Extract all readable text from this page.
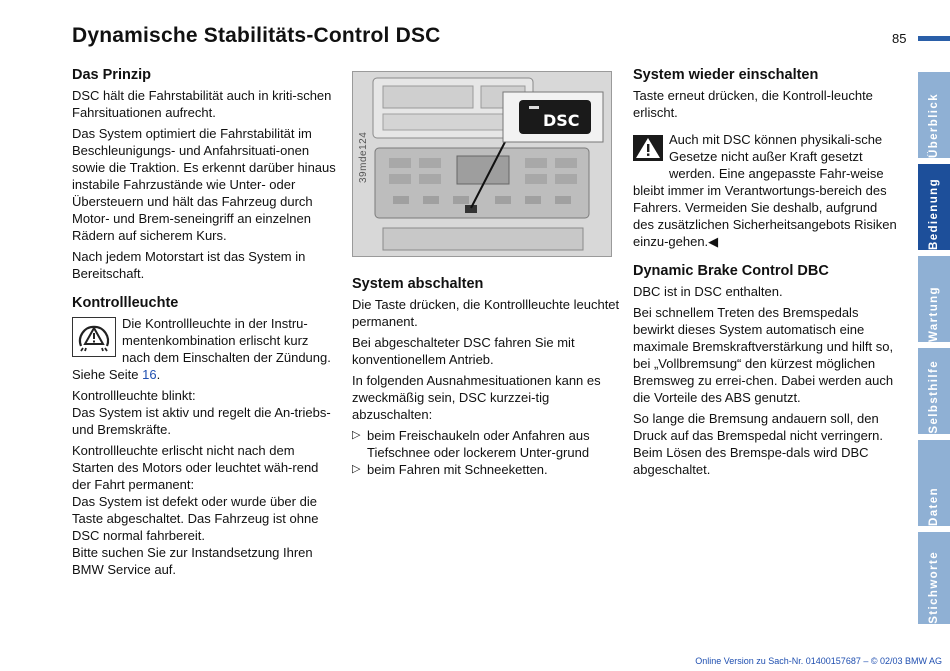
Dynamische Stabilitäts-Control DSC	85
Das Prinzip

DSC hält die Fahrstabilität auch in kriti-schen Fahrsituationen aufrecht.

Das System optimiert die Fahrstabilität im Beschleunigungs- und Anfahrsituati-onen sowie die Traktion. Es erkennt darüber hinaus instabile Fahrzustände wie Unter- oder Übersteuern und hält das Fahrzeug durch Motor- und Brem-seneingriff an einzelnen Rädern auf sicherem Kurs.

Nach jedem Motorstart ist das System in Bereitschaft.

Kontrollleuchte

Die Kontrollleuchte in der Instru-mentenkombination erlischt kurz nach dem Einschalten der Zündung. Siehe Seite 16.

Kontrollleuchte blinkt:
Das System ist aktiv und regelt die An-triebs- und Bremskräfte.

Kontrollleuchte erlischt nicht nach dem Starten des Motors oder leuchtet wäh-rend der Fahrt permanent:
Das System ist defekt oder wurde über die Taste abgeschaltet. Das Fahrzeug ist ohne DSC normal fahrbereit.
Bitte suchen Sie zur Instandsetzung Ihren BMW Service auf.

DSC
39mde124
System abschalten

Die Taste drücken, die Kontrollleuchte leuchtet permanent.

Bei abgeschalteter DSC fahren Sie mit konventionellem Antrieb.

In folgenden Ausnahmesituationen kann es zweckmäßig sein, DSC kurzzei-tig abzuschalten:

▷ beim Freischaukeln oder Anfahren aus Tiefschnee oder lockerem Unter-grund
▷ beim Fahren mit Schneeketten.
System wieder einschalten

Taste erneut drücken, die Kontroll-leuchte erlischt.

Auch mit DSC können physikali-sche Gesetze nicht außer Kraft gesetzt werden. Eine angepasste Fahr-weise bleibt immer im Verantwortungs-bereich des Fahrers. Vermeiden Sie deshalb, aufgrund des zusätzlichen Sicherheitsangebots Risiken einzu-gehen.◀

Dynamic Brake Control DBC

DBC ist in DSC enthalten.

Bei schnellem Treten des Bremspedals bewirkt dieses System automatisch eine maximale Bremskraftverstärkung und hilft so, bei „Vollbremsung“ den kürzest möglichen Bremsweg zu errei-chen. Dabei werden auch die Vorteile des ABS genutzt.

So lange die Bremsung andauern soll, den Druck auf das Bremspedal nicht verringern. Beim Lösen des Bremspe-dals wird DBC abgeschaltet.

Überblick
Bedienung
Wartung
Selbsthilfe
Daten
Stichworte
Online Version zu Sach-Nr. 01400157687 – © 02/03 BMW AG
